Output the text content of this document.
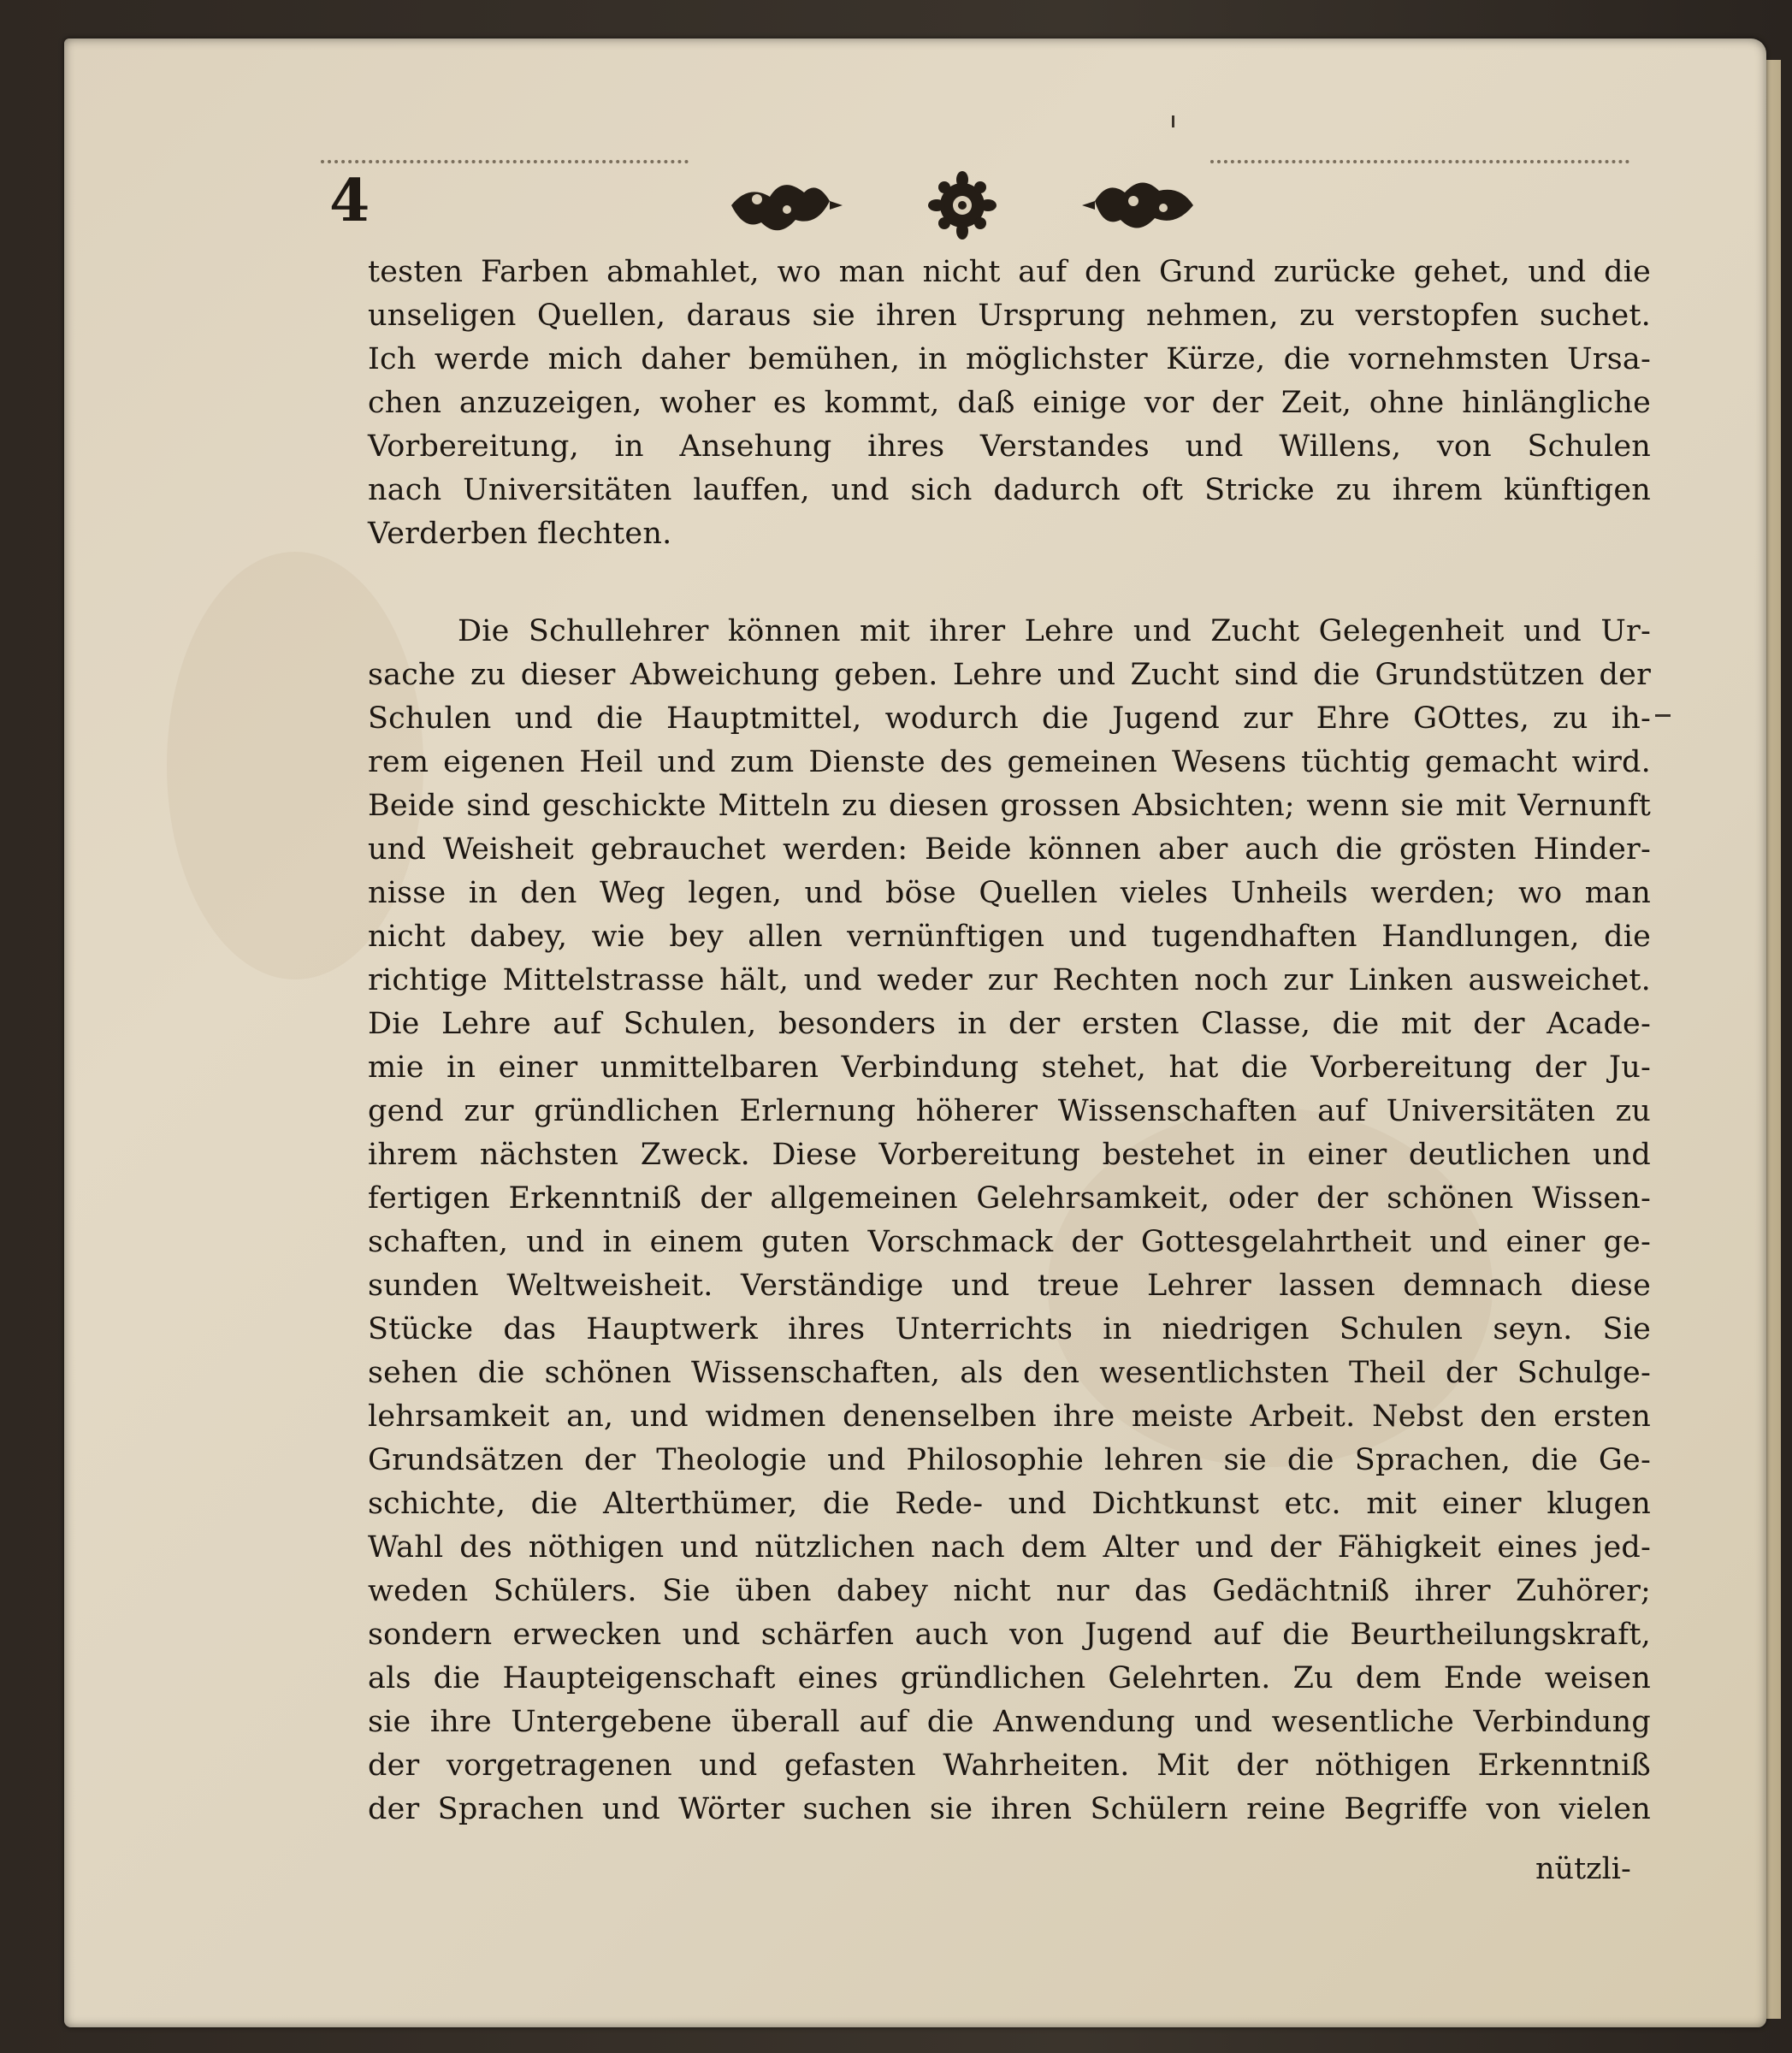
4
testen Farben abmahlet, wo man nicht auf den Grund zurücke gehet, und die
unseligen Quellen, daraus sie ihren Ursprung nehmen, zu verstopfen suchet.
Ich werde mich daher bemühen, in möglichster Kürze, die vornehmsten Ursa-
chen anzuzeigen, woher es kommt, daß einige vor der Zeit, ohne hinlängliche
Vorbereitung, in Ansehung ihres Verstandes und Willens, von Schulen
nach Universitäten lauffen, und sich dadurch oft Stricke zu ihrem künftigen
Verderben flechten.
Die Schullehrer können mit ihrer Lehre und Zucht Gelegenheit und Ur-
sache zu dieser Abweichung geben. Lehre und Zucht sind die Grundstützen der
Schulen und die Hauptmittel, wodurch die Jugend zur Ehre GOttes, zu ih-
rem eigenen Heil und zum Dienste des gemeinen Wesens tüchtig gemacht wird.
Beide sind geschickte Mitteln zu diesen grossen Absichten; wenn sie mit Vernunft
und Weisheit gebrauchet werden: Beide können aber auch die grösten Hinder-
nisse in den Weg legen, und böse Quellen vieles Unheils werden; wo man
nicht dabey, wie bey allen vernünftigen und tugendhaften Handlungen, die
richtige Mittelstrasse hält, und weder zur Rechten noch zur Linken ausweichet.
Die Lehre auf Schulen, besonders in der ersten Classe, die mit der Acade-
mie in einer unmittelbaren Verbindung stehet, hat die Vorbereitung der Ju-
gend zur gründlichen Erlernung höherer Wissenschaften auf Universitäten zu
ihrem nächsten Zweck. Diese Vorbereitung bestehet in einer deutlichen und
fertigen Erkenntniß der allgemeinen Gelehrsamkeit, oder der schönen Wissen-
schaften, und in einem guten Vorschmack der Gottesgelahrtheit und einer ge-
sunden Weltweisheit. Verständige und treue Lehrer lassen demnach diese
Stücke das Hauptwerk ihres Unterrichts in niedrigen Schulen seyn. Sie
sehen die schönen Wissenschaften, als den wesentlichsten Theil der Schulge-
lehrsamkeit an, und widmen denenselben ihre meiste Arbeit. Nebst den ersten
Grundsätzen der Theologie und Philosophie lehren sie die Sprachen, die Ge-
schichte, die Alterthümer, die Rede- und Dichtkunst etc. mit einer klugen
Wahl des nöthigen und nützlichen nach dem Alter und der Fähigkeit eines jed-
weden Schülers. Sie üben dabey nicht nur das Gedächtniß ihrer Zuhörer;
sondern erwecken und schärfen auch von Jugend auf die Beurtheilungskraft,
als die Haupteigenschaft eines gründlichen Gelehrten. Zu dem Ende weisen
sie ihre Untergebene überall auf die Anwendung und wesentliche Verbindung
der vorgetragenen und gefasten Wahrheiten. Mit der nöthigen Erkenntniß
der Sprachen und Wörter suchen sie ihren Schülern reine Begriffe von vielen
nützli-
